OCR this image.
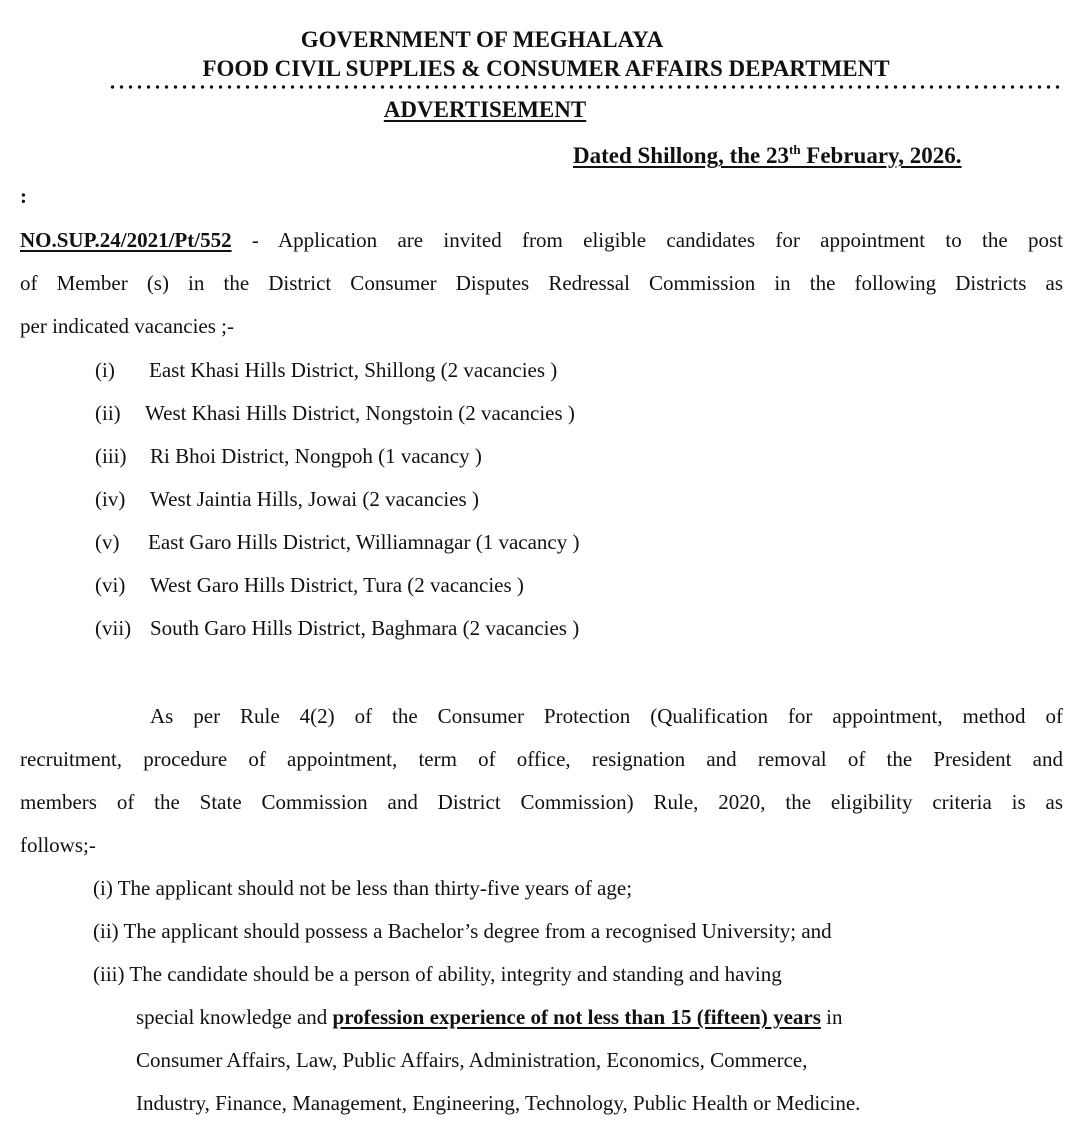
GOVERNMENT OF MEGHALAYA
FOOD CIVIL SUPPLIES & CONSUMER AFFAIRS DEPARTMENT
ADVERTISEMENT
Dated Shillong, the 23th February, 2026.
:
NO.SUP.24/2021/Pt/552 - Application are invited from eligible candidates for appointment to the post
of Member (s) in the District Consumer Disputes Redressal Commission in the following Districts as
per indicated vacancies ;-
(i) East Khasi Hills District, Shillong (2 vacancies )
(ii) West Khasi Hills District, Nongstoin (2 vacancies )
(iii) Ri Bhoi District, Nongpoh (1 vacancy )
(iv) West Jaintia Hills, Jowai (2 vacancies )
(v) East Garo Hills District, Williamnagar (1 vacancy )
(vi) West Garo Hills District, Tura (2 vacancies )
(vii) South Garo Hills District, Baghmara (2 vacancies )
As per Rule 4(2) of the Consumer Protection (Qualification for appointment, method of
recruitment, procedure of appointment, term of office, resignation and removal of the President and
members of the State Commission and District Commission) Rule, 2020, the eligibility criteria is as
follows;-
(i) The applicant should not be less than thirty-five years of age;
(ii) The applicant should possess a Bachelor’s degree from a recognised University; and
(iii) The candidate should be a person of ability, integrity and standing and having
special knowledge and profession experience of not less than 15 (fifteen) years in
Consumer Affairs, Law, Public Affairs, Administration, Economics, Commerce,
Industry, Finance, Management, Engineering, Technology, Public Health or Medicine.
